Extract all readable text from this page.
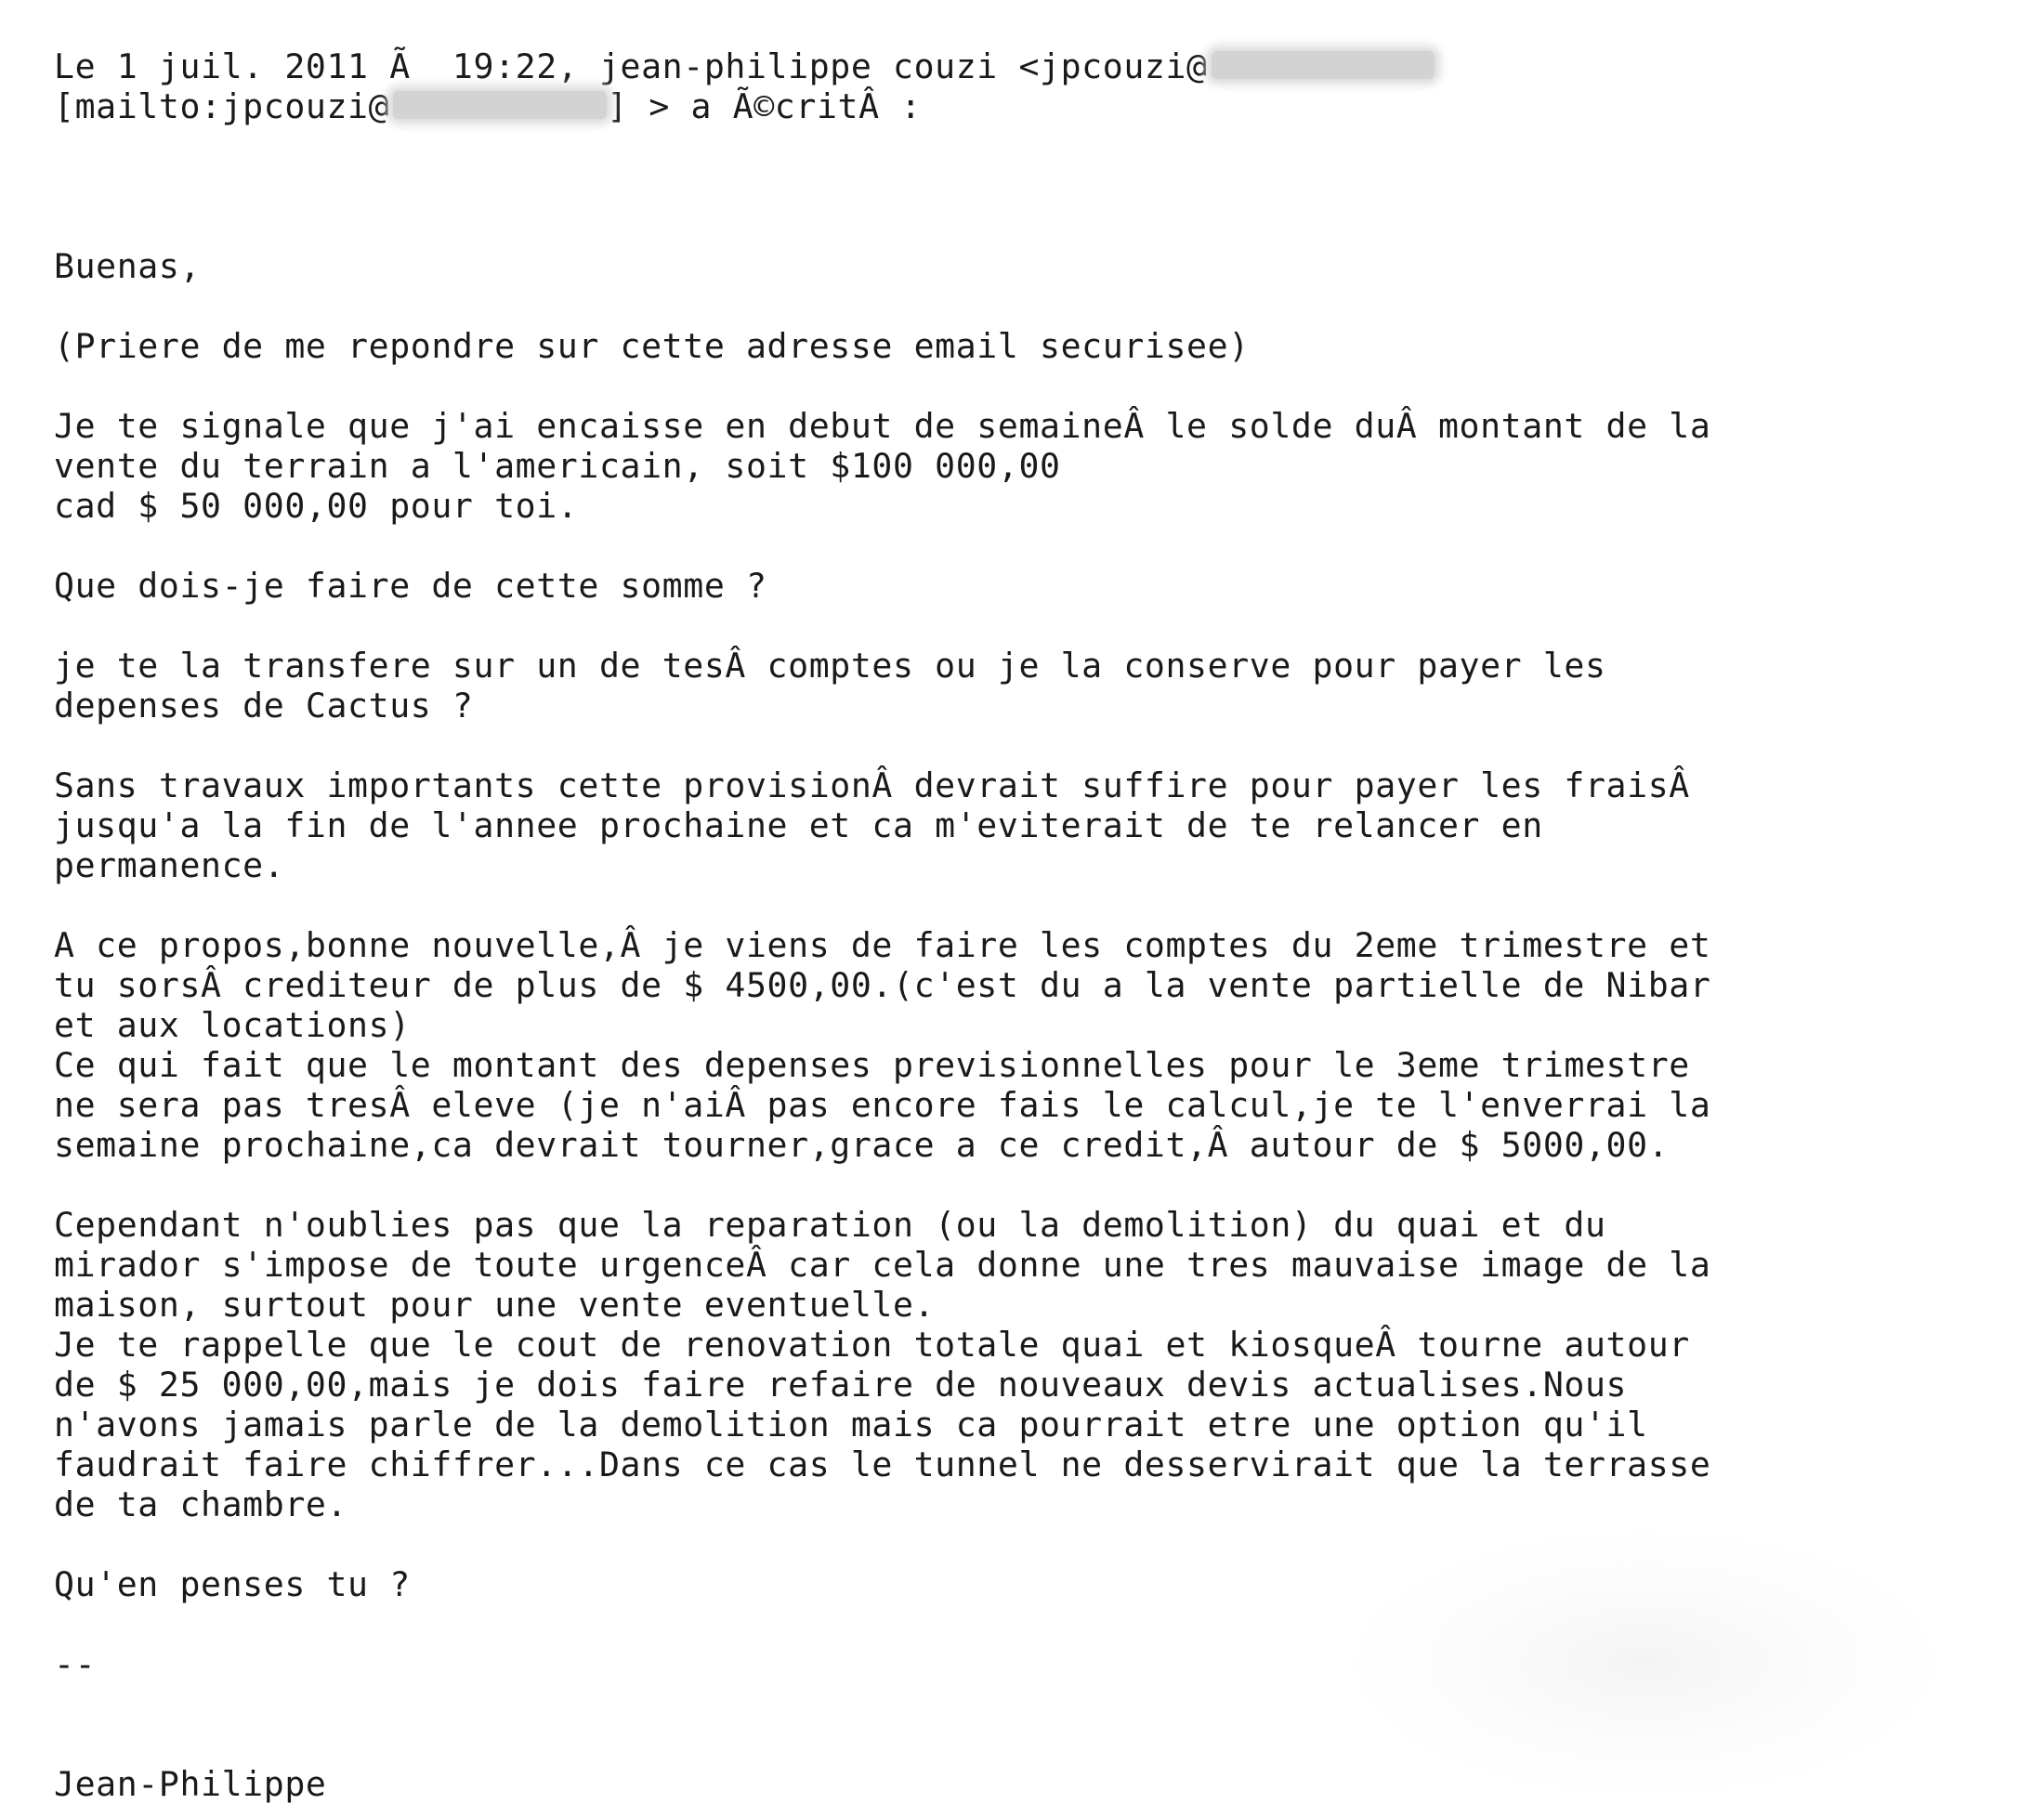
Le 1 juil. 2011 Ã  19:22, jean-philippe couzi <jpcouzi@
[mailto:jpcouzi@	] > a Ã©critÂ :
Buenas,
(Priere de me repondre sur cette adresse email securisee)
Je te signale que j'ai encaisse en debut de semaineÂ le solde duÂ montant de la
vente du terrain a l'americain, soit $100 000,00
cad $ 50 000,00 pour toi.
Que dois-je faire de cette somme ?
je te la transfere sur un de tesÂ comptes ou je la conserve pour payer les
depenses de Cactus ?
Sans travaux importants cette provisionÂ devrait suffire pour payer les fraisÂ
jusqu'a la fin de l'annee prochaine et ca m'eviterait de te relancer en
permanence.
A ce propos,bonne nouvelle,Â je viens de faire les comptes du 2eme trimestre et
tu sorsÂ crediteur de plus de $ 4500,00.(c'est du a la vente partielle de Nibar
et aux locations)
Ce qui fait que le montant des depenses previsionnelles pour le 3eme trimestre
ne sera pas tresÂ eleve (je n'aiÂ pas encore fais le calcul,je te l'enverrai la
semaine prochaine,ca devrait tourner,grace a ce credit,Â autour de $ 5000,00.
Cependant n'oublies pas que la reparation (ou la demolition) du quai et du
mirador s'impose de toute urgenceÂ car cela donne une tres mauvaise image de la
maison, surtout pour une vente eventuelle.
Je te rappelle que le cout de renovation totale quai et kiosqueÂ tourne autour
de $ 25 000,00,mais je dois faire refaire de nouveaux devis actualises.Nous
n'avons jamais parle de la demolition mais ca pourrait etre une option qu'il
faudrait faire chiffrer...Dans ce cas le tunnel ne desservirait que la terrasse
de ta chambre.
Qu'en penses tu ?
--
Jean-Philippe
